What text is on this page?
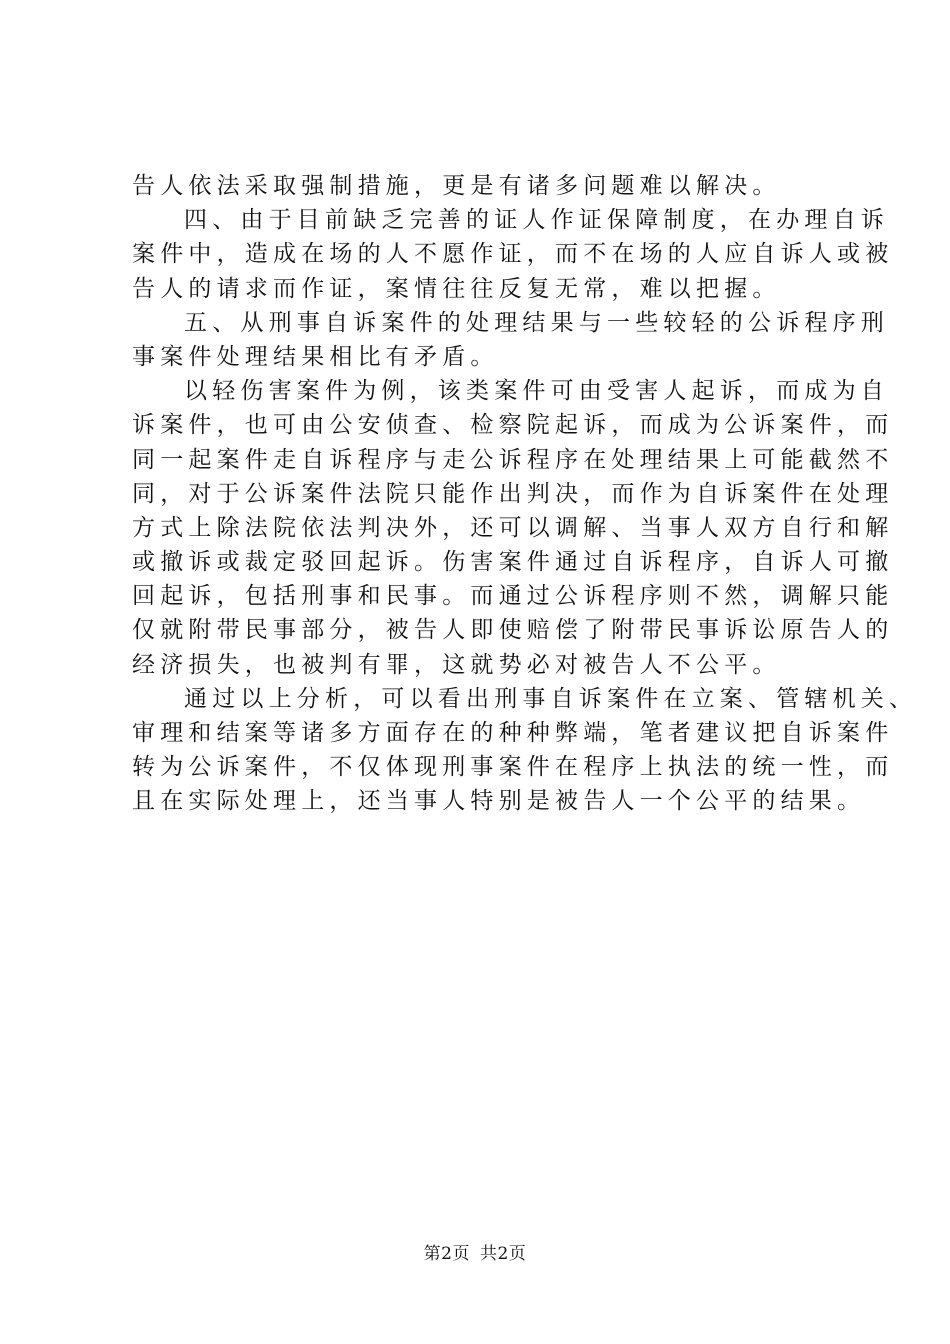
告人依法采取强制措施，更是有诸多问题难以解决。
四、由于目前缺乏完善的证人作证保障制度，在办理自诉
案件中，造成在场的人不愿作证，而不在场的人应自诉人或被
告人的请求而作证，案情往往反复无常，难以把握。
五、从刑事自诉案件的处理结果与一些较轻的公诉程序刑
事案件处理结果相比有矛盾。
以轻伤害案件为例，该类案件可由受害人起诉，而成为自
诉案件，也可由公安侦查、检察院起诉，而成为公诉案件，而
同一起案件走自诉程序与走公诉程序在处理结果上可能截然不
同，对于公诉案件法院只能作出判决，而作为自诉案件在处理
方式上除法院依法判决外，还可以调解、当事人双方自行和解
或撤诉或裁定驳回起诉。伤害案件通过自诉程序，自诉人可撤
回起诉，包括刑事和民事。而通过公诉程序则不然，调解只能
仅就附带民事部分，被告人即使赔偿了附带民事诉讼原告人的
经济损失，也被判有罪，这就势必对被告人不公平。
通过以上分析，可以看出刑事自诉案件在立案、管辖机关、
审理和结案等诸多方面存在的种种弊端，笔者建议把自诉案件
转为公诉案件，不仅体现刑事案件在程序上执法的统一性，而
且在实际处理上，还当事人特别是被告人一个公平的结果。
第2页 共2页
